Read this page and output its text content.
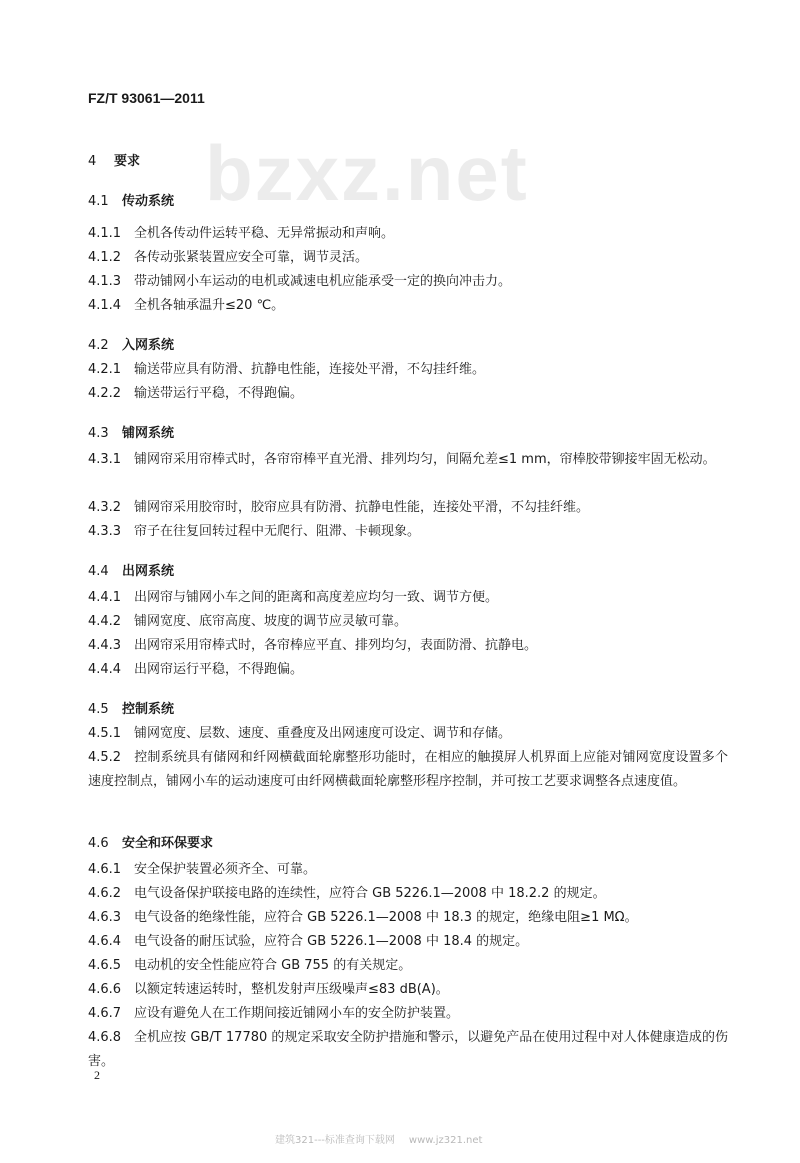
FZ/T 93061—2011
bzxz.net
4 要求
4.1 传动系统
4.1.1 全机各传动件运转平稳、无异常振动和声响。
4.1.2 各传动张紧装置应安全可靠，调节灵活。
4.1.3 带动铺网小车运动的电机或减速电机应能承受一定的换向冲击力。
4.1.4 全机各轴承温升≤20 ℃。
4.2 入网系统
4.2.1 输送带应具有防滑、抗静电性能，连接处平滑，不勾挂纤维。
4.2.2 输送带运行平稳，不得跑偏。
4.3 铺网系统
4.3.1 铺网帘采用帘棒式时，各帘帘棒平直光滑、排列均匀，间隔允差≤1 mm，帘棒胶带铆接牢固无松动。
4.3.2 铺网帘采用胶帘时，胶帘应具有防滑、抗静电性能，连接处平滑，不勾挂纤维。
4.3.3 帘子在往复回转过程中无爬行、阻滞、卡顿现象。
4.4 出网系统
4.4.1 出网帘与铺网小车之间的距离和高度差应均匀一致、调节方便。
4.4.2 铺网宽度、底帘高度、坡度的调节应灵敏可靠。
4.4.3 出网帘采用帘棒式时，各帘棒应平直、排列均匀，表面防滑、抗静电。
4.4.4 出网帘运行平稳，不得跑偏。
4.5 控制系统
4.5.1 铺网宽度、层数、速度、重叠度及出网速度可设定、调节和存储。
4.5.2 控制系统具有储网和纤网横截面轮廓整形功能时，在相应的触摸屏人机界面上应能对铺网宽度设置多个速度控制点，铺网小车的运动速度可由纤网横截面轮廓整形程序控制，并可按工艺要求调整各点速度值。
4.6 安全和环保要求
4.6.1 安全保护装置必须齐全、可靠。
4.6.2 电气设备保护联接电路的连续性，应符合 GB 5226.1—2008 中 18.2.2 的规定。
4.6.3 电气设备的绝缘性能，应符合 GB 5226.1—2008 中 18.3 的规定，绝缘电阻≥1 MΩ。
4.6.4 电气设备的耐压试验，应符合 GB 5226.1—2008 中 18.4 的规定。
4.6.5 电动机的安全性能应符合 GB 755 的有关规定。
4.6.6 以额定转速运转时，整机发射声压级噪声≤83 dB(A)。
4.6.7 应设有避免人在工作期间接近铺网小车的安全防护装置。
4.6.8 全机应按 GB/T 17780 的规定采取安全防护措施和警示，以避免产品在使用过程中对人体健康造成的伤害。
2
建筑321---标准查询下载网 www.jz321.net
